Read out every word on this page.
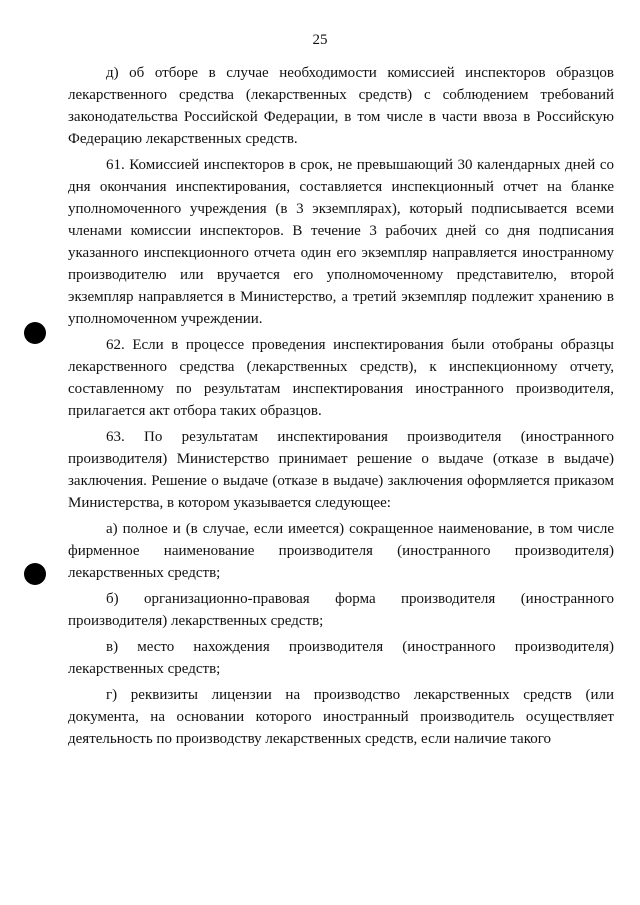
25

д) об отборе в случае необходимости комиссией инспекторов образцов лекарственного средства (лекарственных средств) с соблюдением требований законодательства Российской Федерации, в том числе в части ввоза в Российскую Федерацию лекарственных средств.

61. Комиссией инспекторов в срок, не превышающий 30 календарных дней со дня окончания инспектирования, составляется инспекционный отчет на бланке уполномоченного учреждения (в 3 экземплярах), который подписывается всеми членами комиссии инспекторов. В течение 3 рабочих дней со дня подписания указанного инспекционного отчета один его экземпляр направляется иностранному производителю или вручается его уполномоченному представителю, второй экземпляр направляется в Министерство, а третий экземпляр подлежит хранению в уполномоченном учреждении.

62. Если в процессе проведения инспектирования были отобраны образцы лекарственного средства (лекарственных средств), к инспекционному отчету, составленному по результатам инспектирования иностранного производителя, прилагается акт отбора таких образцов.

63. По результатам инспектирования производителя (иностранного производителя) Министерство принимает решение о выдаче (отказе в выдаче) заключения. Решение о выдаче (отказе в выдаче) заключения оформляется приказом Министерства, в котором указывается следующее:

а) полное и (в случае, если имеется) сокращенное наименование, в том числе фирменное наименование производителя (иностранного производителя) лекарственных средств;

б) организационно-правовая форма производителя (иностранного производителя) лекарственных средств;

в) место нахождения производителя (иностранного производителя) лекарственных средств;

г) реквизиты лицензии на производство лекарственных средств (или документа, на основании которого иностранный производитель осуществляет деятельность по производству лекарственных средств, если наличие такого
